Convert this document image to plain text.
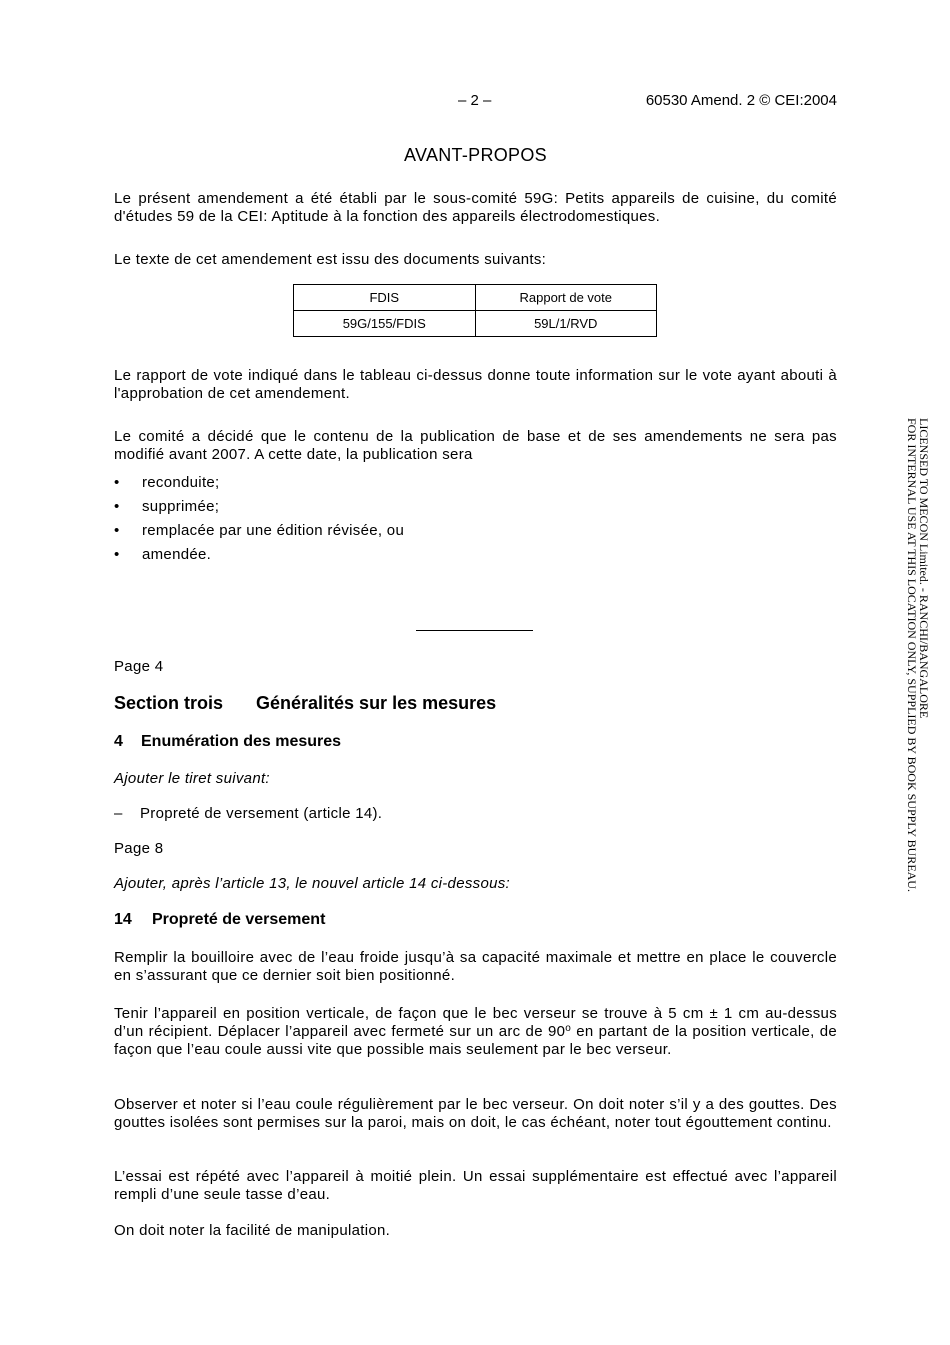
– 2 –	60530 Amend. 2 © CEI:2004
AVANT-PROPOS
Le présent amendement a été établi par le sous-comité 59G: Petits appareils de cuisine, du comité d'études 59 de la CEI: Aptitude à la fonction des appareils électrodomestiques.
Le texte de cet amendement est issu des documents suivants:
FDIS	Rapport de vote
59G/155/FDIS	59L/1/RVD
Le rapport de vote indiqué dans le tableau ci-dessus donne toute information sur le vote ayant abouti à l'approbation de cet amendement.
Le comité a décidé que le contenu de la publication de base et de ses amendements ne sera pas modifié avant 2007. A cette date, la publication sera
• reconduite;
• supprimée;
• remplacée par une édition révisée, ou
• amendée.
Page 4
Section trois Généralités sur les mesures
4 Enumération des mesures
Ajouter le tiret suivant:
– Propreté de versement (article 14).
Page 8
Ajouter, après l’article 13, le nouvel article 14 ci-dessous:
14 Propreté de versement
Remplir la bouilloire avec de l’eau froide jusqu’à sa capacité maximale et mettre en place le couvercle en s’assurant que ce dernier soit bien positionné.
Tenir l’appareil en position verticale, de façon que le bec verseur se trouve à 5 cm ± 1 cm au-dessus d’un récipient. Déplacer l’appareil avec fermeté sur un arc de 90$^o$ en partant de la position verticale, de façon que l’eau coule aussi vite que possible mais seulement par le bec verseur.
Observer et noter si l’eau coule régulièrement par le bec verseur. On doit noter s’il y a des gouttes. Des gouttes isolées sont permises sur la paroi, mais on doit, le cas échéant, noter tout égouttement continu.
L’essai est répété avec l’appareil à moitié plein. Un essai supplémentaire est effectué avec l’appareil rempli d’une seule tasse d’eau.
On doit noter la facilité de manipulation.
LICENSED TO MECON Limited. - RANCHI/BANGALORE
FOR INTERNAL USE AT THIS LOCATION ONLY, SUPPLIED BY BOOK SUPPLY BUREAU.
